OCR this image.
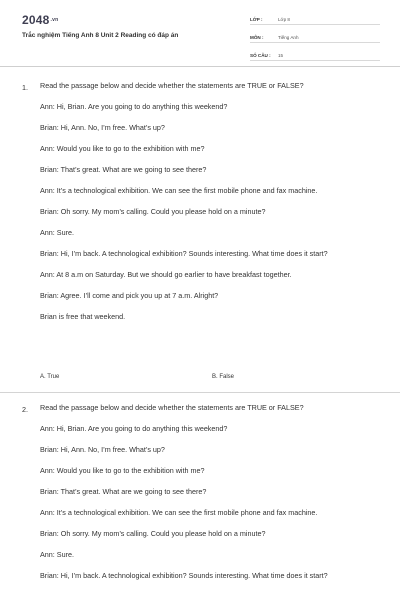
$2048^{.vn}$
Trắc nghiệm Tiếng Anh 8 Unit 2 Reading có đáp án
LỚP :	Lớp 8
MÔN :	Tiếng Anh
SỐ CÂU :	15
1. Read the passage below and decide whether the statements are TRUE or FALSE?

Ann: Hi, Brian. Are you going to do anything this weekend?

Brian: Hi, Ann. No, I’m free. What’s up?

Ann: Would you like to go to the exhibition with me?

Brian: That’s great. What are we going to see there?

Ann: It’s a technological exhibition. We can see the first mobile phone and fax machine.

Brian: Oh sorry. My mom’s calling. Could you please hold on a minute?

Ann: Sure.

Brian: Hi, I’m back. A technological exhibition? Sounds interesting. What time does it start?

Ann: At 8 a.m on Saturday. But we should go earlier to have breakfast together.

Brian: Agree. I’ll come and pick you up at 7 a.m. Alright?

Brian is free that weekend.

A. True	B. False
2. Read the passage below and decide whether the statements are TRUE or FALSE?

Ann: Hi, Brian. Are you going to do anything this weekend?

Brian: Hi, Ann. No, I’m free. What’s up?

Ann: Would you like to go to the exhibition with me?

Brian: That’s great. What are we going to see there?

Ann: It’s a technological exhibition. We can see the first mobile phone and fax machine.

Brian: Oh sorry. My mom’s calling. Could you please hold on a minute?

Ann: Sure.

Brian: Hi, I’m back. A technological exhibition? Sounds interesting. What time does it start?
